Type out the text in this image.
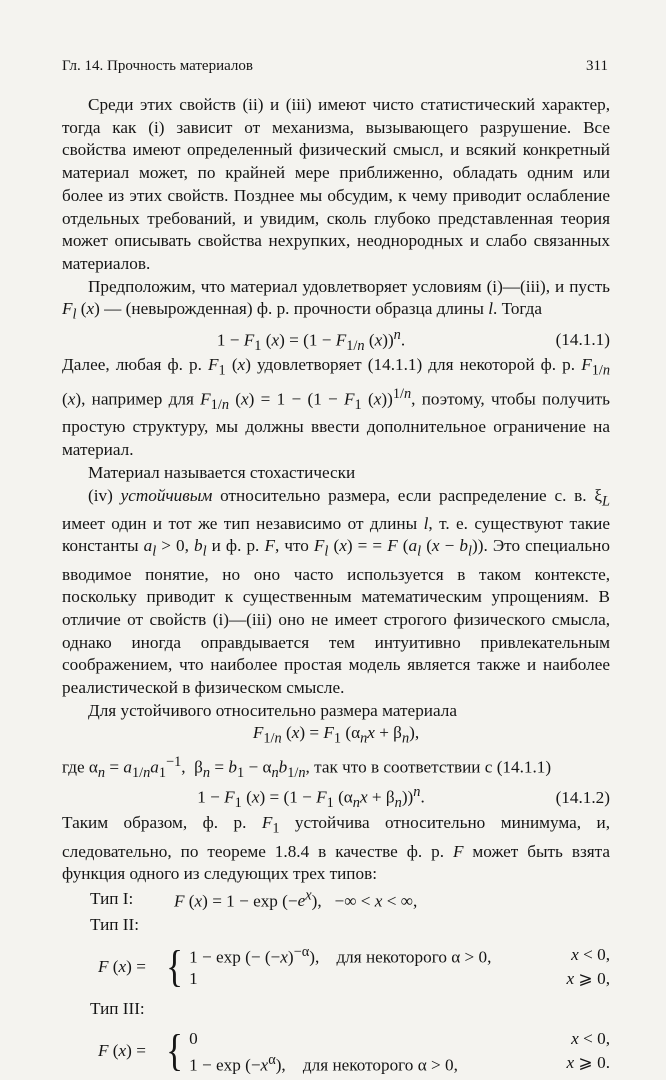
Гл. 14. Прочность материалов	311

Среди этих свойств (ii) и (iii) имеют чисто статистический характер, тогда как (i) зависит от механизма, вызывающего разрушение. Все свойства имеют определенный физический смысл, и всякий конкретный материал может, по крайней мере приближенно, обладать одним или более из этих свойств. Позднее мы обсудим, к чему приводит ослабление отдельных требований, и увидим, сколь глубоко представленная теория может описывать свойства нехрупких, неоднородных и слабо связанных материалов.

Предположим, что материал удовлетворяет условиям (i)—(iii), и пусть $F_l$ (x) — (невырожденная) ф. р. прочности образца длины l. Тогда

$1 - F_1$ $(x) = (1 - F_{1/n}$ (x))$^n$.	(14.1.1)

Далее, любая ф. р. $F_1$ (x) удовлетворяет (14.1.1) для некоторой ф. р. $F_{1/n}$ (x), например для $F_{1/n}$ $(x) = 1 - (1 - F_1$ (x))$^{1/n}$, поэтому, чтобы получить простую структуру, мы должны ввести дополнительное ограничение на материал.

Материал называется стохастически

(iv) устойчивым относительно размера, если распределение с. в. $\xi_L$ имеет один и тот же тип независимо от длины l, т. е. существуют такие константы $a_l > 0$, $b_l$ и ф. р. F, что $F_l$ (x) = = F ($a_l$ $(x - b_l)$). Это специально вводимое понятие, но оно часто используется в таком контексте, поскольку приводит к существенным математическим упрощениям. В отличие от свойств (i)—(iii) оно не имеет строгого физического смысла, однако иногда оправдывается тем интуитивно привлекательным соображением, что наиболее простая модель является также и наиболее реалистической в физическом смысле.

Для устойчивого относительно размера материала

$F_{1/n}$ $(x) = F_1$ $(\alpha_nx + \beta_n)$,

где $\alpha_n = a_{1/n}a_1^{-1}$,  $\beta_n = b_1 - \alpha_nb_{1/n}$, так что в соответствии с (14.1.1)

$1 - F_1$ $(x) = (1 - F_1$ $(\alpha_nx + \beta_n))^n$.	(14.1.2)

Таким образом, ф. р. $F_1$ устойчива относительно минимума, и, следовательно, по теореме 1.8.4 в качестве ф. р. F может быть взята функция одного из следующих трех типов:

Тип I:	F $(x) = 1 - \exp (-e^x)$,   −∞ < x < ∞,
Тип II:
F (x) = { 1 − exp (− $(-x)^{-\alpha}$),    для некоторого α > 0,	x < 0,
1	x ⩾ 0,
Тип III:
F (x) = { 0	x < 0,
$1 - \exp (-x^\alpha)$,    для некоторого α > 0,	x ⩾ 0.
